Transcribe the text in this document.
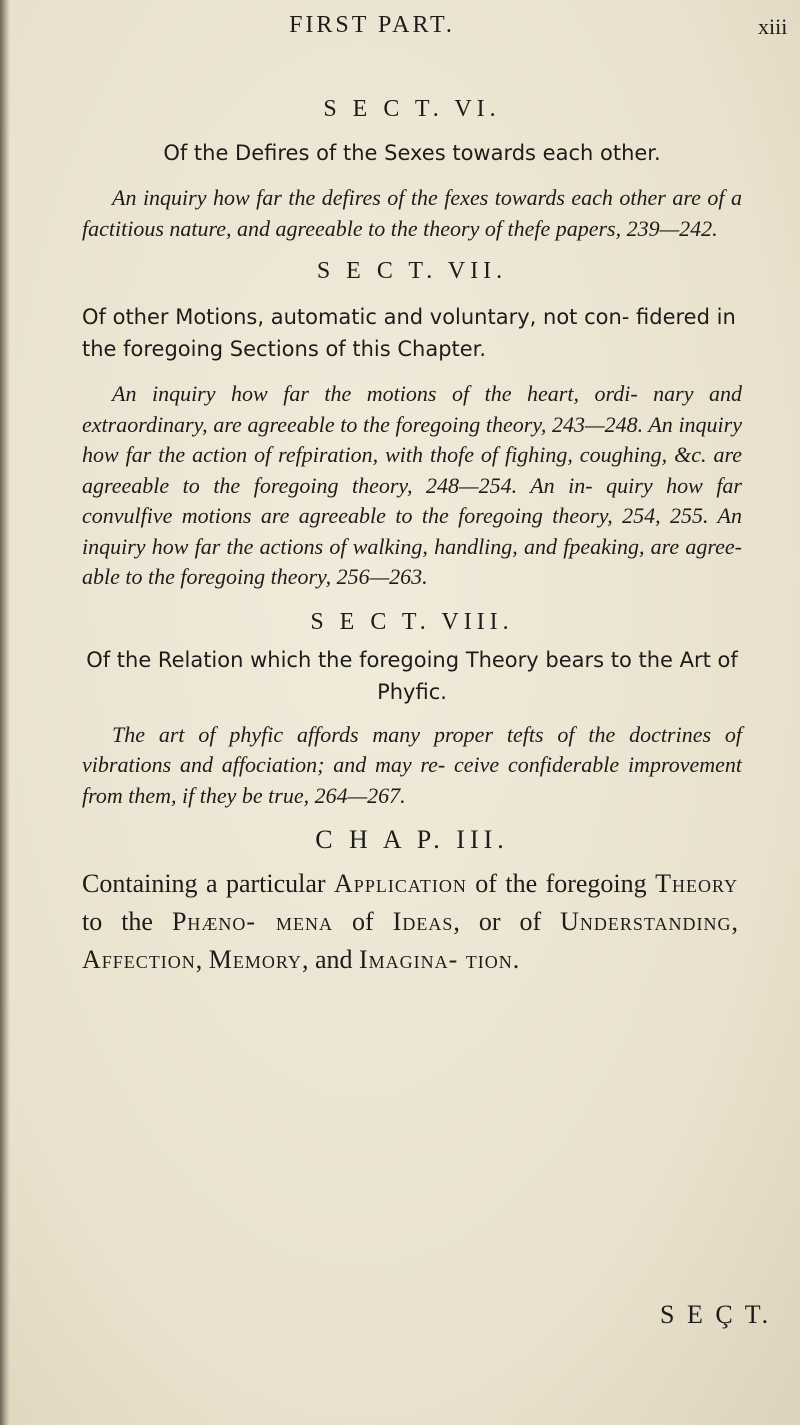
FIRST PART.	xiii

S E C T. VI.

Of the Defires of the Sexes towards each other.

An inquiry how far the defires of the fexes towards each other are of a factitious nature, and agreeable to the theory of thefe papers, 239—242.

S E C T. VII.

Of other Motions, automatic and voluntary, not con- fidered in the foregoing Sections of this Chapter.

An inquiry how far the motions of the heart, ordi- nary and extraordinary, are agreeable to the foregoing theory, 243—248. An inquiry how far the action of refpiration, with thofe of fighing, coughing, &c. are agreeable to the foregoing theory, 248—254. An in- quiry how far convulfive motions are agreeable to the foregoing theory, 254, 255. An inquiry how far the actions of walking, handling, and fpeaking, are agree- able to the foregoing theory, 256—263.

S E C T. VIII.

Of the Relation which the foregoing Theory bears to the Art of Phyfic.

The art of phyfic affords many proper tefts of the doctrines of vibrations and affociation; and may re- ceive confiderable improvement from them, if they be true, 264—267.

C H A P. III.

Containing a particular Application of the foregoing Theory to the Phæno- mena of Ideas, or of Understanding, Affection, Memory, and Imagina- tion.

S E Ç T.
